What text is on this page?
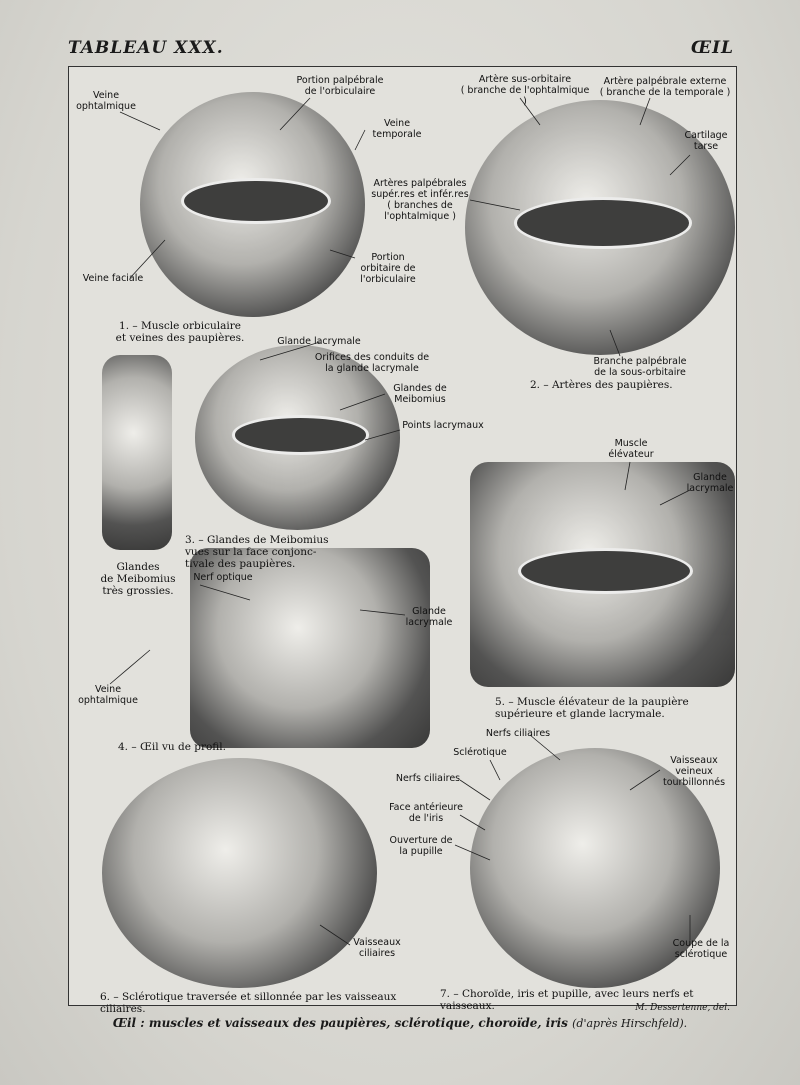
TABLEAU XXX.	ŒIL
Veine
ophtalmique
Portion palpébrale
de l'orbiculaire
Veine
temporale
Veine faciale
Portion
orbitaire de
l'orbiculaire
1. – Muscle orbiculaire
et veines des paupières.
Artère sus-orbitaire
( branche de l'ophtalmique )
Artère palpébrale externe
( branche de la temporale )
Cartilage
tarse
Artères palpébrales
supér.res et infér.res
( branches de
l'ophtalmique )
Branche palpébrale
de la sous-orbitaire
2. – Artères des paupières.
Glande lacrymale
Orifices des conduits de
la glande lacrymale
Glandes de
Meibomius
Points lacrymaux
Glandes
de Meibomius
très grossies.
3. – Glandes de Meibomius
vues sur la face conjonc-
tivale des paupières.
Nerf optique
Glande
lacrymale
Veine
ophtalmique
4. – Œil vu de profil.
Muscle
élévateur
Glande
lacrymale
5. – Muscle élévateur de la paupière
supérieure et glande lacrymale.
Vaisseaux
ciliaires
6. – Sclérotique traversée et sillonnée par les vaisseaux ciliaires.
Nerfs ciliaires
Sclérotique
Vaisseaux veineux
tourbillonnés
Nerfs ciliaires
Face antérieure
de l'iris
Ouverture de
la pupille
Coupe de la
sclérotique
7. – Choroïde, iris et pupille, avec leurs nerfs et vaisseaux.	M. Dessertenne, del.
Œil : muscles et vaisseaux des paupières, sclérotique, choroïde, iris (d'après Hirschfeld).
